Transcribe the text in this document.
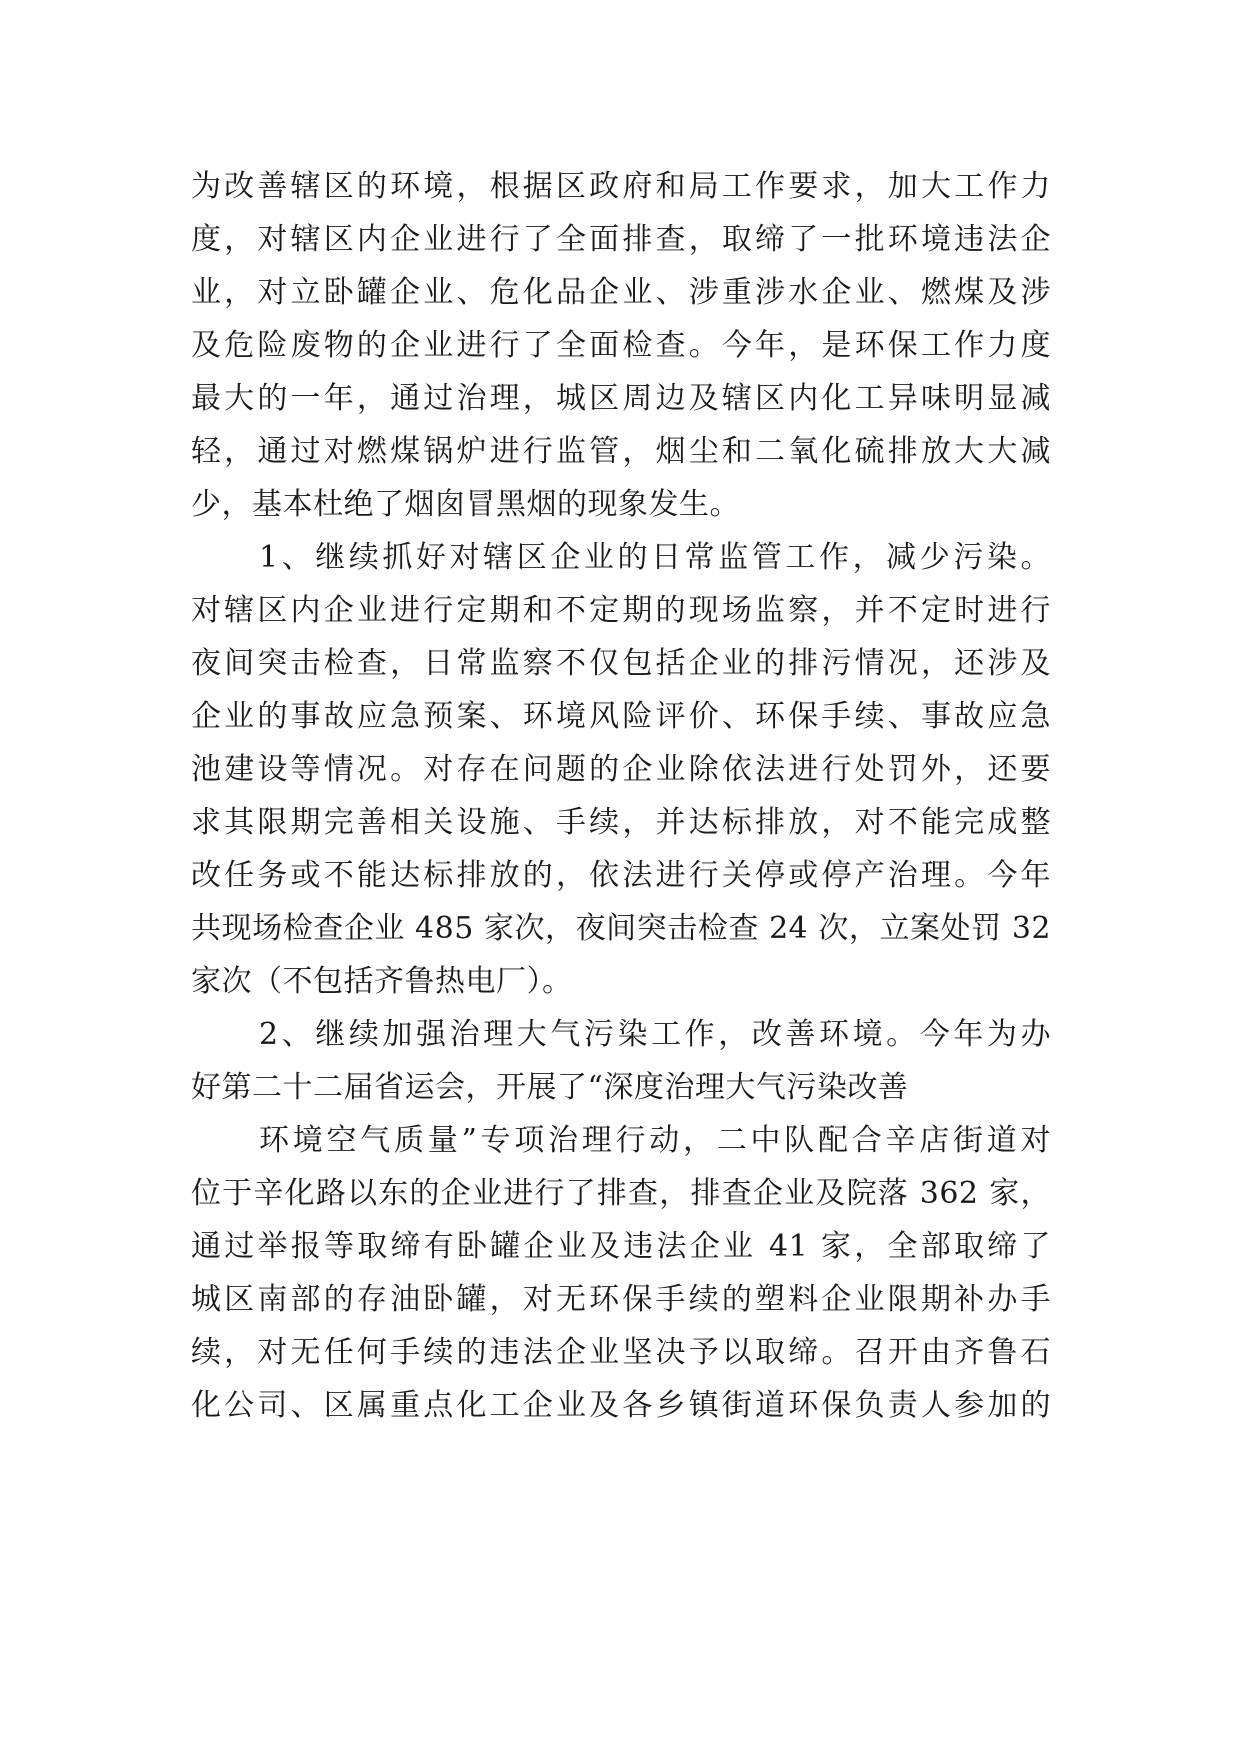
为改善辖区的环境，根据区政府和局工作要求，加大工作力
度，对辖区内企业进行了全面排查，取缔了一批环境违法企
业，对立卧罐企业、危化品企业、涉重涉水企业、燃煤及涉
及危险废物的企业进行了全面检查。今年，是环保工作力度
最大的一年，通过治理，城区周边及辖区内化工异味明显减
轻，通过对燃煤锅炉进行监管，烟尘和二氧化硫排放大大减
少，基本杜绝了烟囱冒黑烟的现象发生。
1、继续抓好对辖区企业的日常监管工作，减少污染。
对辖区内企业进行定期和不定期的现场监察，并不定时进行
夜间突击检查，日常监察不仅包括企业的排污情况，还涉及
企业的事故应急预案、环境风险评价、环保手续、事故应急
池建设等情况。对存在问题的企业除依法进行处罚外，还要
求其限期完善相关设施、手续，并达标排放，对不能完成整
改任务或不能达标排放的，依法进行关停或停产治理。今年
共现场检查企业 485 家次，夜间突击检查 24 次，立案处罚 32
家次（不包括齐鲁热电厂）。
2、继续加强治理大气污染工作，改善环境。今年为办
好第二十二届省运会，开展了“深度治理大气污染改善
环境空气质量”专项治理行动，二中队配合辛店街道对
位于辛化路以东的企业进行了排查，排查企业及院落 362 家，
通过举报等取缔有卧罐企业及违法企业 41 家，全部取缔了
城区南部的存油卧罐，对无环保手续的塑料企业限期补办手
续，对无任何手续的违法企业坚决予以取缔。召开由齐鲁石
化公司、区属重点化工企业及各乡镇街道环保负责人参加的
